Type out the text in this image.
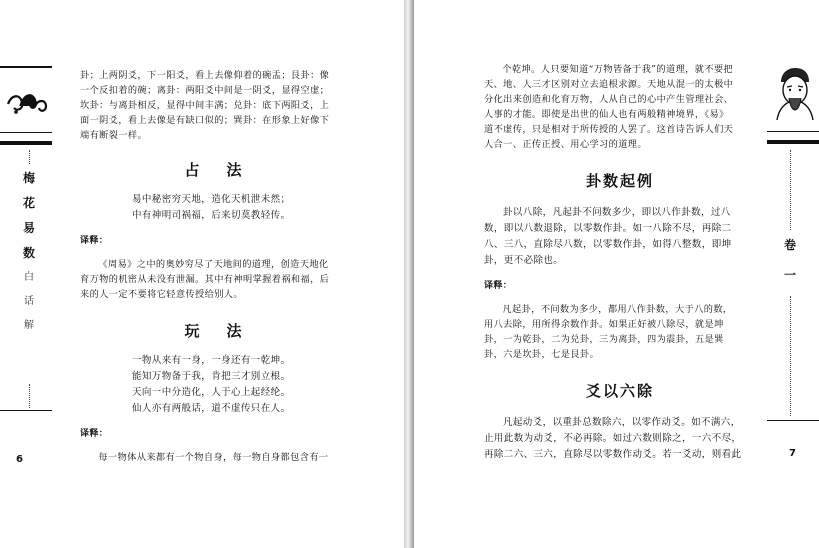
梅
花
易
数
白
话
解
6

卦；上两阴爻，下一阳爻，看上去像仰着的碗盂；艮卦：像

一个反扣着的碗；离卦：两阳爻中间是一阴爻，显得空虚；

坎卦：与离卦相反，显得中间丰满；兑卦：底下两阳爻，上

面一阴爻，看上去像是有缺口似的；巽卦：在形象上好像下

端有断裂一样。

占　法

易中秘密穷天地，造化天机泄未然；

中有神明司祸福，后来切莫教轻传。

译释：

《周易》之中的奥妙穷尽了天地间的道理，创造天地化

育万物的机密从未没有泄漏。其中有神明掌握着祸和福，后

来的人一定不要将它轻意传授给别人。

玩　法

一物从来有一身，一身还有一乾坤。

能知万物备于我，肯把三才别立根。

天向一中分造化，人于心上起经纶。

仙人亦有两般话，道不虚传只在人。

译释：

每一物体从来都有一个物自身，每一物自身都包含有一

个乾坤。人只要知道“万物皆备于我”的道理，就不要把

天、地、人三才区别对立去追根求源。天地从混一的太极中

分化出来创造和化育万物，人从自己的心中产生管理社会、

人事的才能。即使是出世的仙人也有两般精神境界，《易》

道不虚传，只是相对于所传授的人罢了。这首诗告诉人们天

人合一、正传正授、用心学习的道理。

卦数起例

卦以八除，凡起卦不问数多少，即以八作卦数，过八

数，即以八数退除，以零数作卦。如一八除不尽，再除二

八、三八，直除尽八数，以零数作卦，如得八整数，即坤

卦，更不必除也。

译释：

凡起卦，不问数为多少，都用八作卦数，大于八的数，

用八去除，用所得余数作卦。如果正好被八除尽，就是坤

卦，一为乾卦，二为兑卦，三为离卦，四为震卦，五是巽

卦，六是坎卦，七是艮卦。

爻以六除

凡起动爻，以重卦总数除六，以零作动爻。如不满六，

止用此数为动爻，不必再除。如过六数则除之，一六不尽，

再除二六、三六，直除尽以零数作动爻。若一爻动，则看此

卷
一
7
